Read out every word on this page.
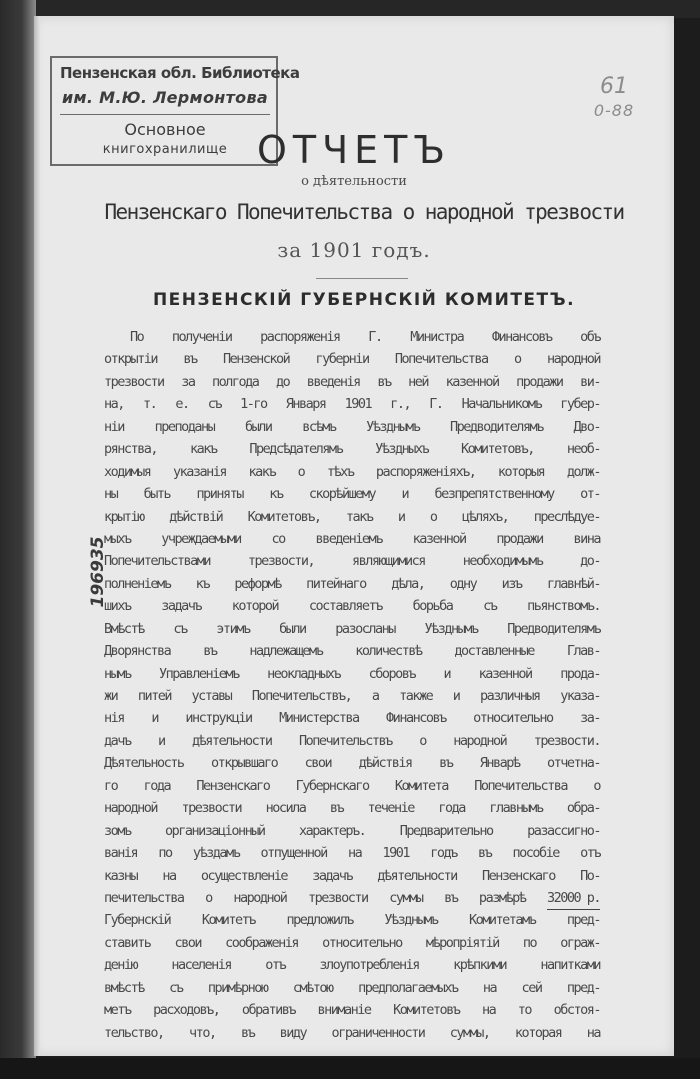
Пензенская обл. Библиотека
им. М.Ю. Лермонтова
Основное
книгохранилище
61
0-88
196935
ОТЧЕТЪ
о дѣятельности
Пензенскаго Попечительства о народной трезвости
за 1901 годъ.
ПЕНЗЕНСКІЙ ГУБЕРНСКІЙ КОМИТЕТЪ.
По полученіи распоряженія Г. Министра Финансовъ объ
открытіи въ Пензенской губерніи Попечительства о народной
трезвости за полгода до введенія въ ней казенной продажи ви-
на, т. е. съ 1-го Января 1901 г., Г. Начальникомъ губер-
ніи преподаны были всѣмъ Уѣзднымъ Предводителямъ Дво-
рянства, какъ Предсѣдателямъ Уѣздныхъ Комитетовъ, необ-
ходимыя указанія какъ о тѣхъ распоряженіяхъ, которыя долж-
ны быть приняты къ скорѣйшему и безпрепятственному от-
крытію дѣйствій Комитетовъ, такъ и о цѣляхъ, преслѣдуе-
мыхъ учреждаемыми со введеніемъ казенной продажи вина
Попечительствами трезвости, являющимися необходимымъ до-
полненіемъ къ реформѣ питейнаго дѣла, одну изъ главнѣй-
шихъ задачъ которой составляетъ борьба съ пьянствомъ.
Вмѣстѣ съ этимъ были разосланы Уѣзднымъ Предводителямъ
Дворянства въ надлежащемъ количествѣ доставленные Глав-
нымъ Управленіемъ неокладныхъ сборовъ и казенной прода-
жи питей уставы Попечительствъ, а также и различныя указа-
нія и инструкціи Министерства Финансовъ относительно за-
дачъ и дѣятельности Попечительствъ о народной трезвости.
Дѣятельность открывшаго свои дѣйствія въ Январѣ отчетна-
го года Пензенскаго Губернскаго Комитета Попечительства о
народной трезвости носила въ теченіе года главнымъ обра-
зомъ организаціонный характеръ. Предварительно разассигно-
ванія по уѣздамъ отпущенной на 1901 годъ въ пособіе отъ
казны на осуществленіе задачъ дѣятельности Пензенскаго По-
печительства о народной трезвости суммы въ размѣрѣ 32000 р.
Губернскій Комитетъ предложилъ Уѣзднымъ Комитетамъ пред-
ставить свои соображенія относительно мѣропріятій по ограж-
денію населенія отъ злоупотребленія крѣпкими напитками
вмѣстѣ съ примѣрною смѣтою предполагаемыхъ на сей пред-
метъ расходовъ, обративъ вниманіе Комитетовъ на то обстоя-
тельство, что, въ виду ограниченности суммы, которая на
